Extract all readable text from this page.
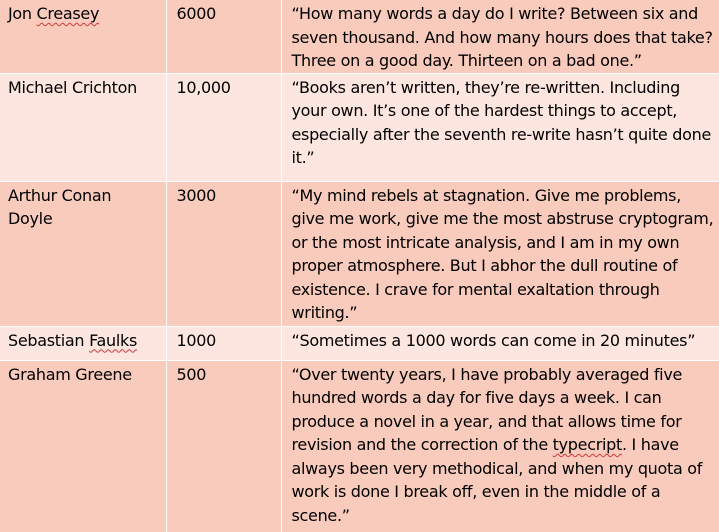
Jon Creasey	6000	“How many words a day do I write? Between six and seven thousand. And how many hours does that take? Three on a good day. Thirteen on a bad one.”
Michael Crichton	10,000	“Books aren’t written, they’re re-written. Including your own. It’s one of the hardest things to accept, especially after the seventh re-write hasn’t quite done it.”
Arthur Conan Doyle	3000	“My mind rebels at stagnation. Give me problems, give me work, give me the most abstruse cryptogram, or the most intricate analysis, and I am in my own proper atmosphere. But I abhor the dull routine of existence. I crave for mental exaltation through writing.”
Sebastian Faulks	1000	“Sometimes a 1000 words can come in 20 minutes”
Graham Greene	500	“Over twenty years, I have probably averaged five hundred words a day for five days a week. I can produce a novel in a year, and that allows time for revision and the correction of the typecript. I have always been very methodical, and when my quota of work is done I break off, even in the middle of a scene.”
